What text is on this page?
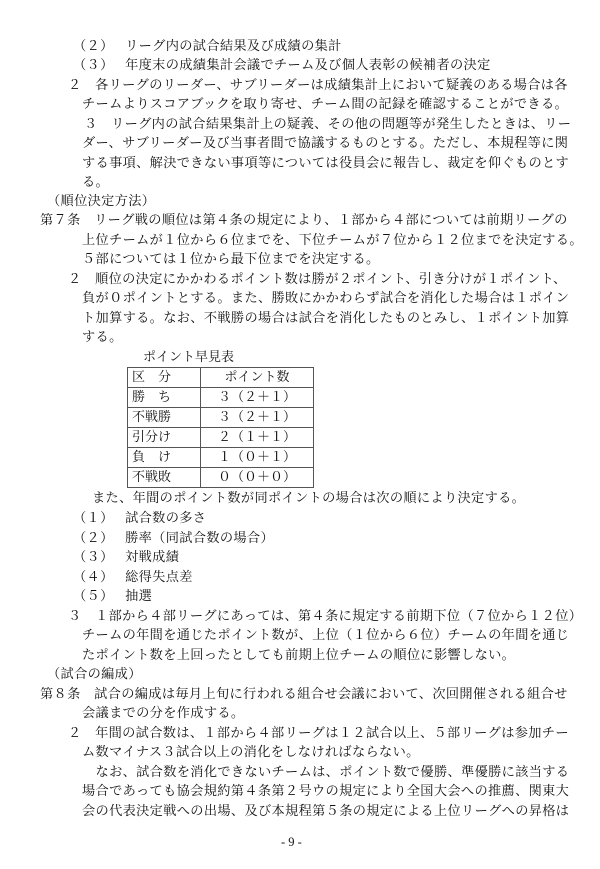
（２）　 リーグ内の試合結果及び成績の集計
（３）　 年度末の成績集計会議でチーム及び個人表彰の候補者の決定
２　各リーグのリーダー、サブリーダーは成績集計上において疑義のある場合は各
チームよりスコアブックを取り寄せ、チーム間の記録を確認することができる。
３　リーグ内の試合結果集計上の疑義、その他の問題等が発生したときは、リー
ダー、サブリーダー及び当事者間で協議するものとする。ただし、本規程等に関
する事項、解決できない事項等については役員会に報告し、裁定を仰ぐものとす
る。
（順位決定方法）
第７条　リーグ戦の順位は第４条の規定により、１部から４部については前期リーグの
上位チームが１位から６位までを、下位チームが７位から１２位までを決定する。
５部については１位から最下位までを決定する。
２　順位の決定にかかわるポイント数は勝が２ポイント、引き分けが１ポイント、
負が０ポイントとする。また、勝敗にかかわらず試合を消化した場合は１ポイン
ト加算する。なお、不戦勝の場合は試合を消化したものとみし、１ポイント加算
する。
また、年間のポイント数が同ポイントの場合は次の順により決定する。
（１）　 試合数の多さ
（２）　 勝率（同試合数の場合）
（３）　 対戦成績
（４）　 総得失点差
（５）　 抽選
３　１部から４部リーグにあっては、第４条に規定する前期下位（７位から１２位）
チームの年間を通じたポイント数が、上位（１位から６位）チームの年間を通じ
たポイント数を上回ったとしても前期上位チームの順位に影響しない。
（試合の編成）
第８条　試合の編成は毎月上旬に行われる組合せ会議において、次回開催される組合せ
会議までの分を作成する。
２　年間の試合数は、１部から４部リーグは１２試合以上、５部リーグは参加チー
ム数マイナス３試合以上の消化をしなければならない。
　なお、試合数を消化できないチームは、ポイント数で優勝、準優勝に該当する
場合であっても協会規約第４条第２号ウの規定により全国大会への推薦、関東大
会の代表決定戦への出場、及び本規程第５条の規定による上位リーグへの昇格は
ポイント早見表
区　分	ポイント数
勝　ち	３（２＋１）
不戦勝	３（２＋１）
引分け	２（１＋１）
負　け	１（０＋１）
不戦敗	０（０＋０）
- 9 -
